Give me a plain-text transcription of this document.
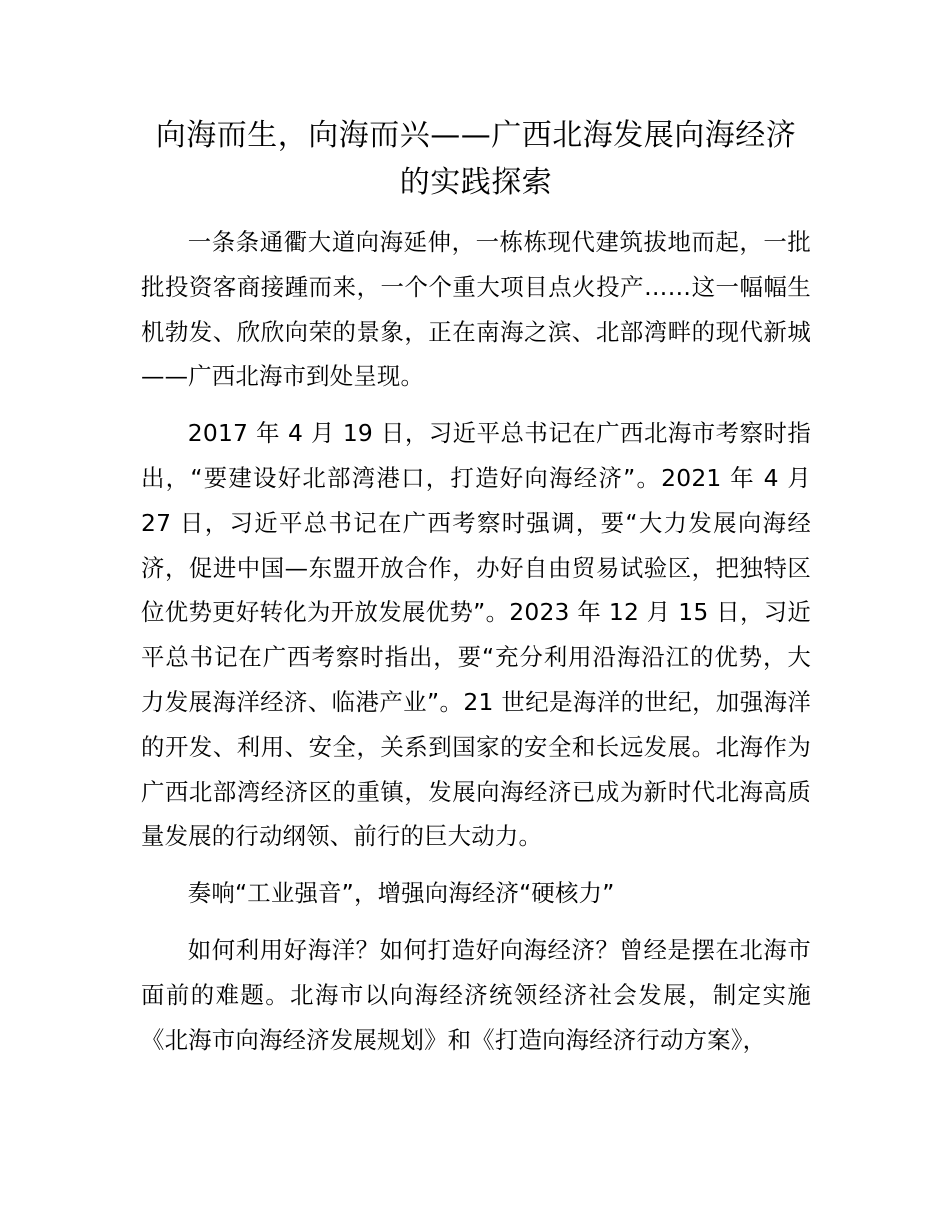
向海而生，向海而兴——广西北海发展向海经济的实践探索

一条条通衢大道向海延伸，一栋栋现代建筑拔地而起，一批批投资客商接踵而来，一个个重大项目点火投产……这一幅幅生机勃发、欣欣向荣的景象，正在南海之滨、北部湾畔的现代新城——广西北海市到处呈现。

2017 年 4 月 19 日，习近平总书记在广西北海市考察时指出，“要建设好北部湾港口，打造好向海经济”。2021 年 4 月 27 日，习近平总书记在广西考察时强调，要“大力发展向海经济，促进中国—东盟开放合作，办好自由贸易试验区，把独特区位优势更好转化为开放发展优势”。2023 年 12 月 15 日，习近平总书记在广西考察时指出，要“充分利用沿海沿江的优势，大力发展海洋经济、临港产业”。21 世纪是海洋的世纪，加强海洋的开发、利用、安全，关系到国家的安全和长远发展。北海作为广西北部湾经济区的重镇，发展向海经济已成为新时代北海高质量发展的行动纲领、前行的巨大动力。

奏响“工业强音”，增强向海经济“硬核力”

如何利用好海洋？如何打造好向海经济？曾经是摆在北海市面前的难题。北海市以向海经济统领经济社会发展，制定实施《北海市向海经济发展规划》和《打造向海经济行动方案》，
